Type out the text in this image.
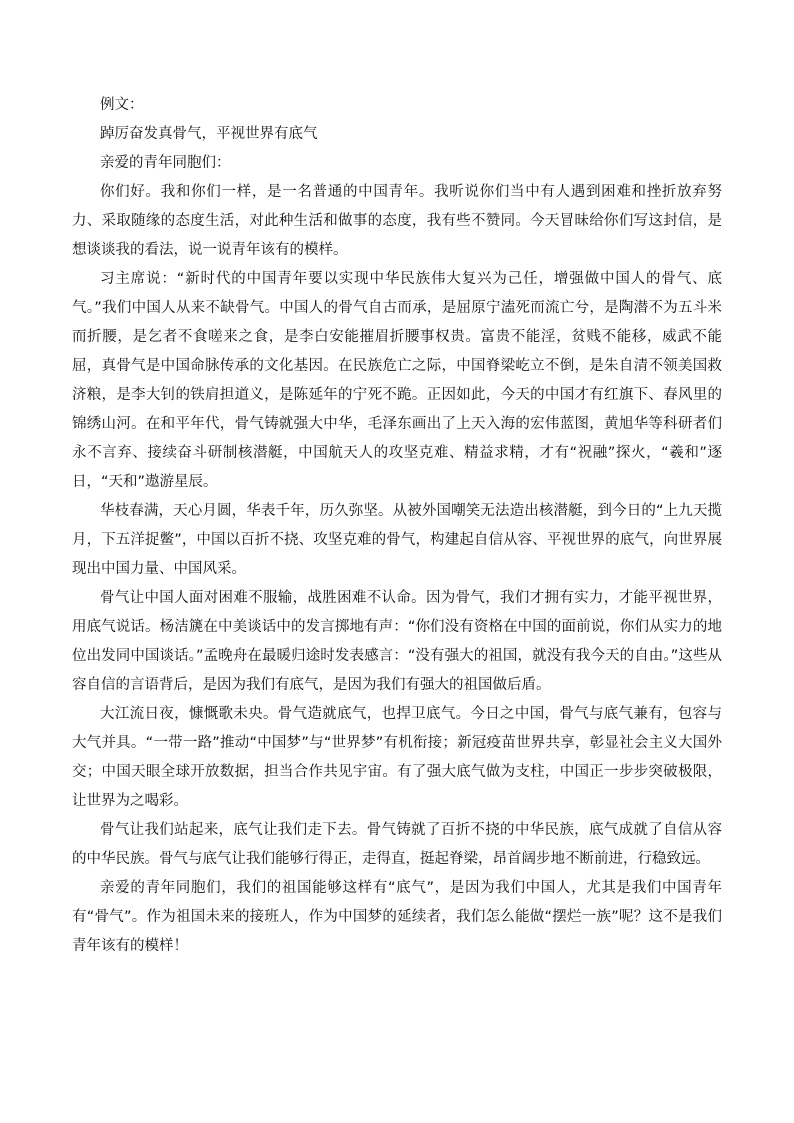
例文：

踔厉奋发真骨气，平视世界有底气

亲爱的青年同胞们：

你们好。我和你们一样，是一名普通的中国青年。我听说你们当中有人遇到困难和挫折放弃努力、采取随缘的态度生活，对此种生活和做事的态度，我有些不赞同。今天冒昧给你们写这封信，是想谈谈我的看法，说一说青年该有的模样。

习主席说：“新时代的中国青年要以实现中华民族伟大复兴为己任，增强做中国人的骨气、底气。”我们中国人从来不缺骨气。中国人的骨气自古而承，是屈原宁溘死而流亡兮，是陶潜不为五斗米而折腰，是乞者不食嗟来之食，是李白安能摧眉折腰事权贵。富贵不能淫，贫贱不能移，威武不能屈，真骨气是中国命脉传承的文化基因。在民族危亡之际，中国脊梁屹立不倒，是朱自清不领美国救济粮，是李大钊的铁肩担道义，是陈延年的宁死不跪。正因如此，今天的中国才有红旗下、春风里的锦绣山河。在和平年代，骨气铸就强大中华，毛泽东画出了上天入海的宏伟蓝图，黄旭华等科研者们永不言弃、接续奋斗研制核潜艇，中国航天人的攻坚克难、精益求精，才有“祝融”探火，“羲和”逐日，“天和”遨游星辰。

华枝春满，天心月圆，华表千年，历久弥坚。从被外国嘲笑无法造出核潜艇，到今日的“上九天揽月，下五洋捉鳖”，中国以百折不挠、攻坚克难的骨气，构建起自信从容、平视世界的底气，向世界展现出中国力量、中国风采。

骨气让中国人面对困难不服输，战胜困难不认命。因为骨气，我们才拥有实力，才能平视世界，用底气说话。杨洁篪在中美谈话中的发言掷地有声：“你们没有资格在中国的面前说，你们从实力的地位出发同中国谈话。”孟晚舟在最暖归途时发表感言：“没有强大的祖国，就没有我今天的自由。”这些从容自信的言语背后，是因为我们有底气，是因为我们有强大的祖国做后盾。

大江流日夜，慷慨歌未央。骨气造就底气，也捍卫底气。今日之中国，骨气与底气兼有，包容与大气并具。“一带一路”推动“中国梦”与“世界梦”有机衔接；新冠疫苗世界共享，彰显社会主义大国外交；中国天眼全球开放数据，担当合作共见宇宙。有了强大底气做为支柱，中国正一步步突破极限，让世界为之喝彩。

骨气让我们站起来，底气让我们走下去。骨气铸就了百折不挠的中华民族，底气成就了自信从容的中华民族。骨气与底气让我们能够行得正，走得直，挺起脊梁，昂首阔步地不断前进，行稳致远。

亲爱的青年同胞们，我们的祖国能够这样有“底气”，是因为我们中国人，尤其是我们中国青年有“骨气”。作为祖国未来的接班人，作为中国梦的延续者，我们怎么能做“摆烂一族”呢？这不是我们青年该有的模样！
